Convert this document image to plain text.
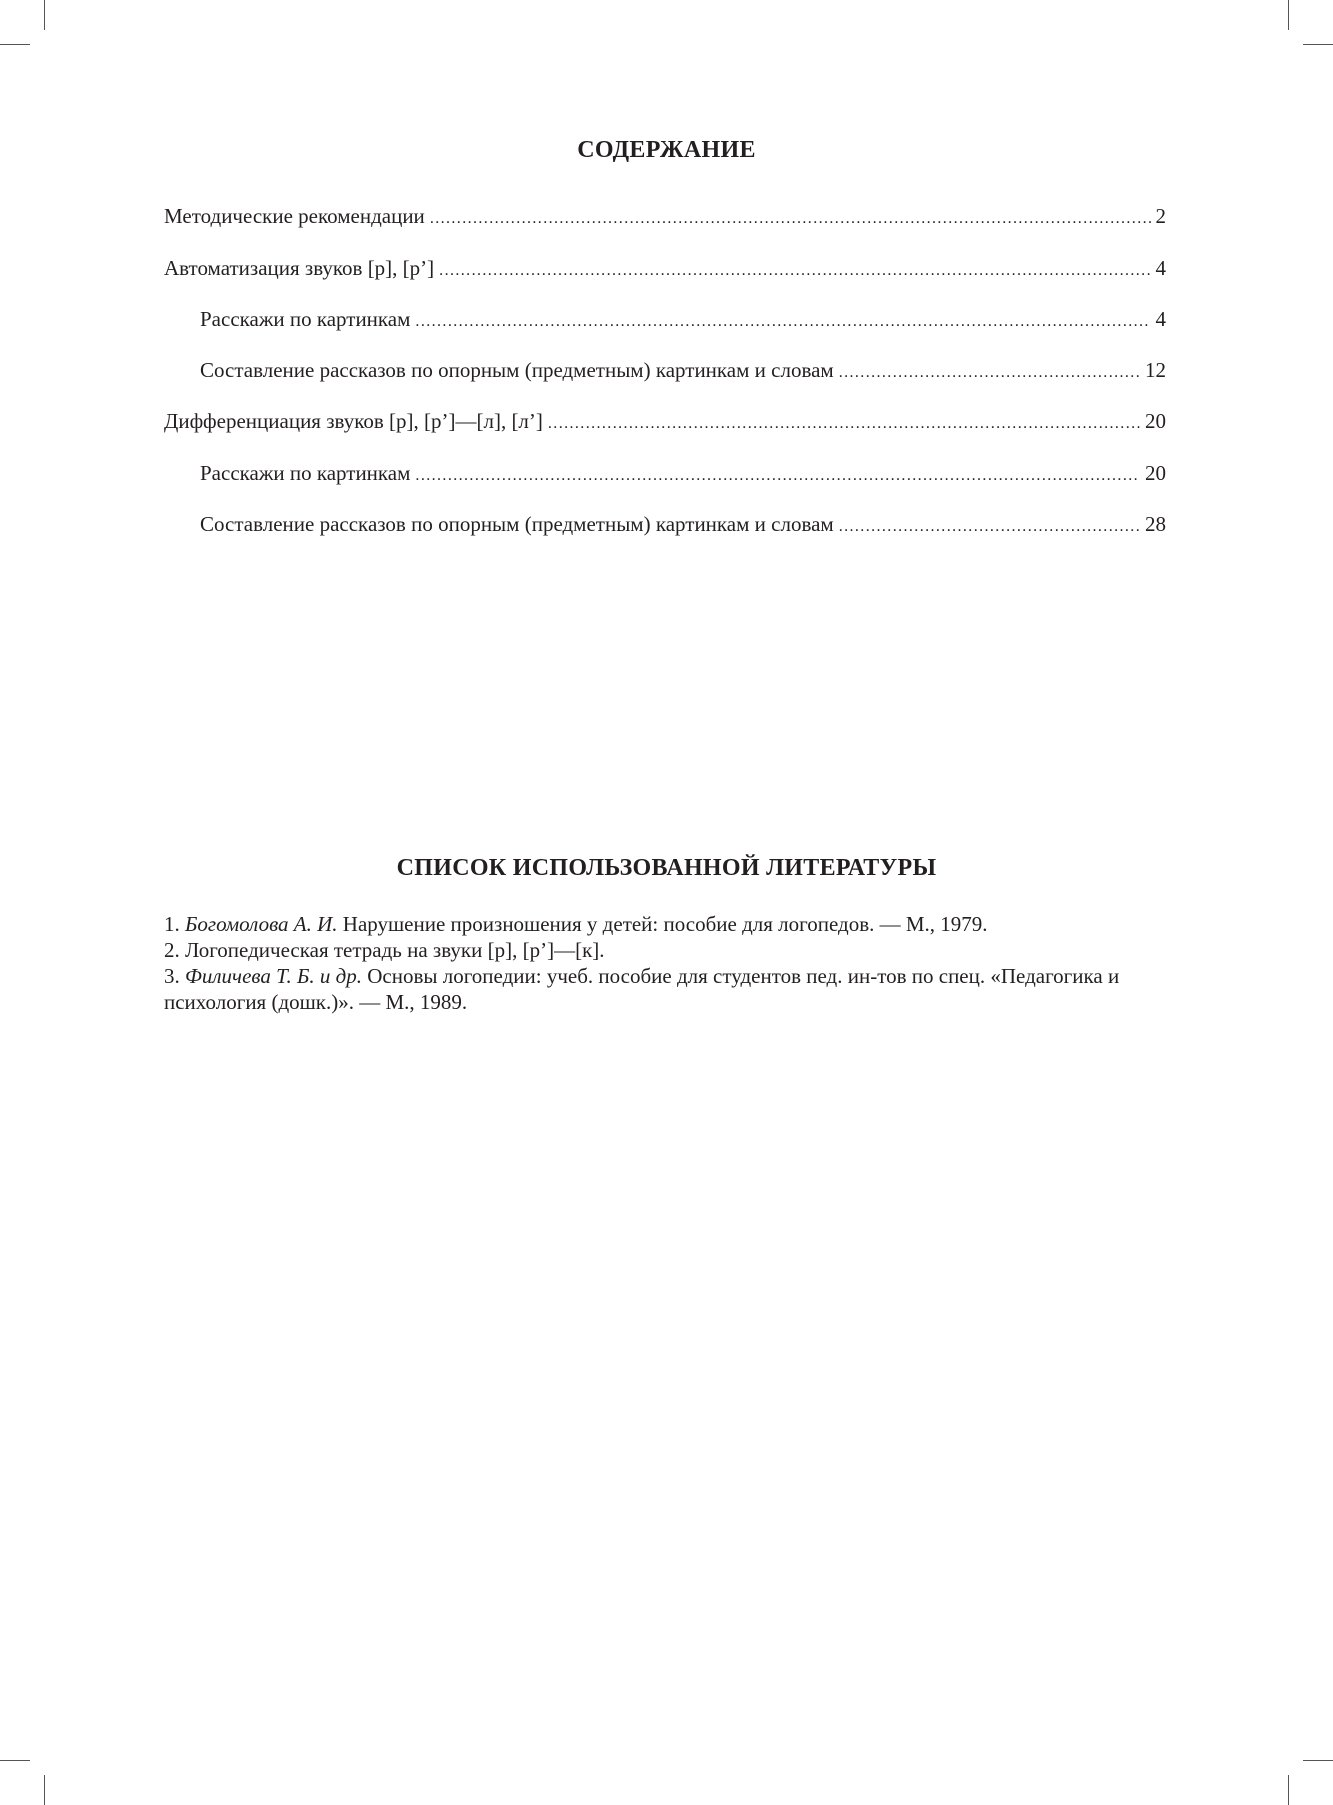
СОДЕРЖАНИЕ
Методические рекомендации .....	2
Автоматизация звуков [р], [р’] .....	4
Расскажи по картинкам .....	4
Составление рассказов по опорным (предметным) картинкам и словам .....	12
Дифференциация звуков [р], [р’]—[л], [л’] .....	20
Расскажи по картинкам .....	20
Составление рассказов по опорным (предметным) картинкам и словам .....	28
СПИСОК ИСПОЛЬЗОВАННОЙ ЛИТЕРАТУРЫ

1. Богомолова А. И. Нарушение произношения у детей: пособие для логопедов. — М., 1979.

2. Логопедическая тетрадь на звуки [р], [р’]—[к].

3. Филичева Т. Б. и др. Основы логопедии: учеб. пособие для студентов пед. ин-тов по спец. «Педагогика и психология (дошк.)». — М., 1989.
